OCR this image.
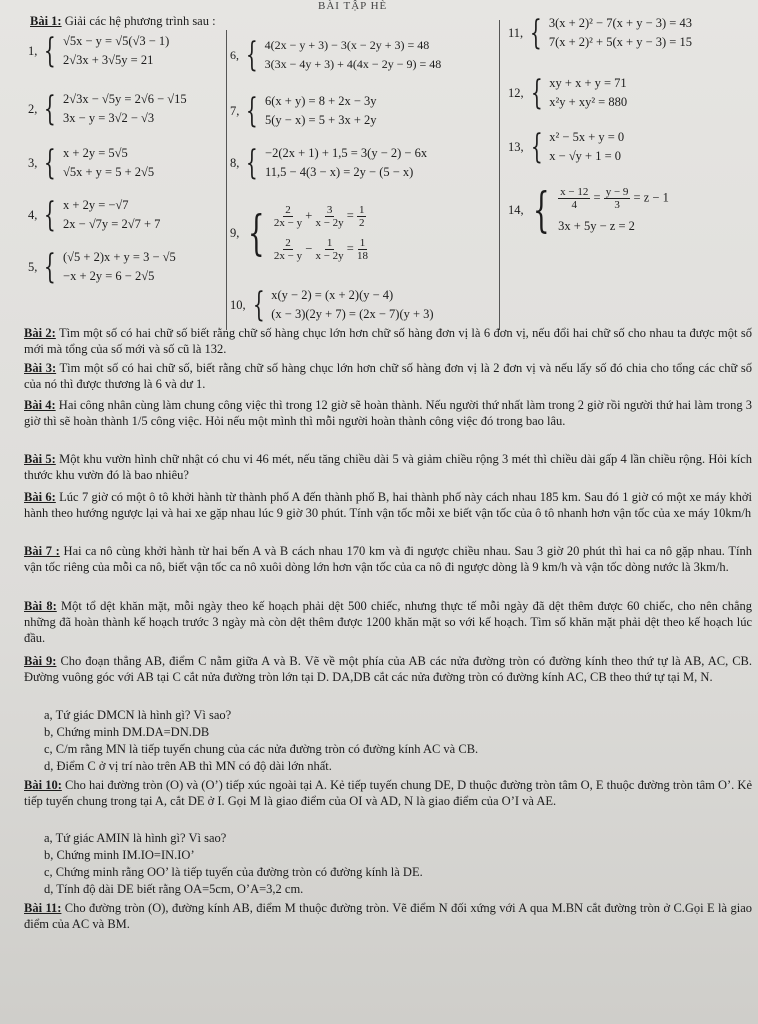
BÀI TẬP HÈ
Bài 1: Giải các hệ phương trình sau :
1, { √5x − y = √5(√3 − 1)
2√3x + 3√5y = 21
2, { 2√3x − √5y = 2√6 − √15
3x − y = 3√2 − √3
3, { x + 2y = 5√5
√5x + y = 5 + 2√5
4, { x + 2y = −√7
2x − √7y = 2√7 + 7
5, { (√5 + 2)x + y = 3 − √5
−x + 2y = 6 − 2√5
6, { 4(2x − y + 3) − 3(x − 2y + 3) = 48
3(3x − 4y + 3) + 4(4x − 2y − 9) = 48
7, { 6(x + y) = 8 + 2x − 3y
5(y − x) = 5 + 3x + 2y
8, { −2(2x + 1) + 1,5 = 3(y − 2) − 6x
11,5 − 4(3 − x) = 2y − (5 − x)
9, { $\frac{2}{2x - y} + \frac{3}{x - 2y} = \frac{1}{2}$
$\frac{2}{2x - y} - \frac{1}{x - 2y} = \frac{1}{18}$
10, { x(y − 2) = (x + 2)(y − 4)
(x − 3)(2y + 7) = (2x − 7)(y + 3)
11, { 3(x + 2)² − 7(x + y − 3) = 43
7(x + 2)² + 5(x + y − 3) = 15
12, { xy + x + y = 71
x²y + xy² = 880
13, { x² − 5x + y = 0
x − √y + 1 = 0
14, { $\frac{x - 12}{4} = \frac{y - 9}{3} = z - 1$
3x + 5y − z = 2
Bài 2: Tìm một số có hai chữ số biết rằng chữ số hàng chục lớn hơn chữ số hàng đơn vị là 6 đơn vị, nếu đổi hai chữ số cho nhau ta được một số mới mà tổng của số mới và số cũ là 132.
Bài 3: Tìm một số có hai chữ số, biết rằng chữ số hàng chục lớn hơn chữ số hàng đơn vị là 2 đơn vị và nếu lấy số đó chia cho tổng các chữ số của nó thì được thương là 6 và dư 1.
Bài 4: Hai công nhân cùng làm chung công việc thì trong 12 giờ sẽ hoàn thành. Nếu người thứ nhất làm trong 2 giờ rồi người thứ hai làm trong 3 giờ thì sẽ hoàn thành 1/5 công việc. Hỏi nếu một mình thì mỗi người hoàn thành công việc đó trong bao lâu.
Bài 5: Một khu vườn hình chữ nhật có chu vi 46 mét, nếu tăng chiều dài 5 và giảm chiều rộng 3 mét thì chiều dài gấp 4 lần chiều rộng. Hỏi kích thước khu vườn đó là bao nhiêu?
Bài 6: Lúc 7 giờ có một ô tô khởi hành từ thành phố A đến thành phố B, hai thành phố này cách nhau 185 km. Sau đó 1 giờ có một xe máy khởi hành theo hướng ngược lại và hai xe gặp nhau lúc 9 giờ 30 phút. Tính vận tốc mỗi xe biết vận tốc của ô tô nhanh hơn vận tốc của xe máy 10km/h
Bài 7 : Hai ca nô cùng khởi hành từ hai bến A và B cách nhau 170 km và đi ngược chiều nhau. Sau 3 giờ 20 phút thì hai ca nô gặp nhau. Tính vận tốc riêng của mỗi ca nô, biết vận tốc ca nô xuôi dòng lớn hơn vận tốc của ca nô đi ngược dòng là 9 km/h và vận tốc dòng nước là 3km/h.
Bài 8: Một tổ dệt khăn mặt, mỗi ngày theo kế hoạch phải dệt 500 chiếc, nhưng thực tế mỗi ngày đã dệt thêm được 60 chiếc, cho nên chẳng những đã hoàn thành kế hoạch trước 3 ngày mà còn dệt thêm được 1200 khăn mặt so với kế hoạch. Tìm số khăn mặt phải dệt theo kế hoạch lúc đầu.
Bài 9: Cho đoạn thẳng AB, điểm C nằm giữa A và B. Vẽ về một phía của AB các nửa đường tròn có đường kính theo thứ tự là AB, AC, CB. Đường vuông góc với AB tại C cắt nửa đường tròn lớn tại D. DA,DB cắt các nửa đường tròn có đường kính AC, CB theo thứ tự tại M, N.
a, Tứ giác DMCN là hình gì? Vì sao?
b, Chứng minh DM.DA=DN.DB
c, C/m rằng MN là tiếp tuyến chung của các nửa đường tròn có đường kính AC và CB.
d, Điểm C ở vị trí nào trên AB thì MN có độ dài lớn nhất.
Bài 10: Cho hai đường tròn (O) và (O’) tiếp xúc ngoài tại A. Kẻ tiếp tuyến chung DE, D thuộc đường tròn tâm O, E thuộc đường tròn tâm O’. Kẻ tiếp tuyến chung trong tại A, cắt DE ở I. Gọi M là giao điểm của OI và AD, N là giao điểm của O’I và AE.
a, Tứ giác AMIN là hình gì? Vì sao?
b, Chứng minh IM.IO=IN.IO’
c, Chứng minh rằng OO’ là tiếp tuyến của đường tròn có đường kính là DE.
d, Tính độ dài DE biết rằng OA=5cm, O’A=3,2 cm.
Bài 11: Cho đường tròn (O), đường kính AB, điểm M thuộc đường tròn. Vẽ điểm N đối xứng với A qua M.BN cắt đường tròn ở C.Gọi E là giao điểm của AC và BM.
